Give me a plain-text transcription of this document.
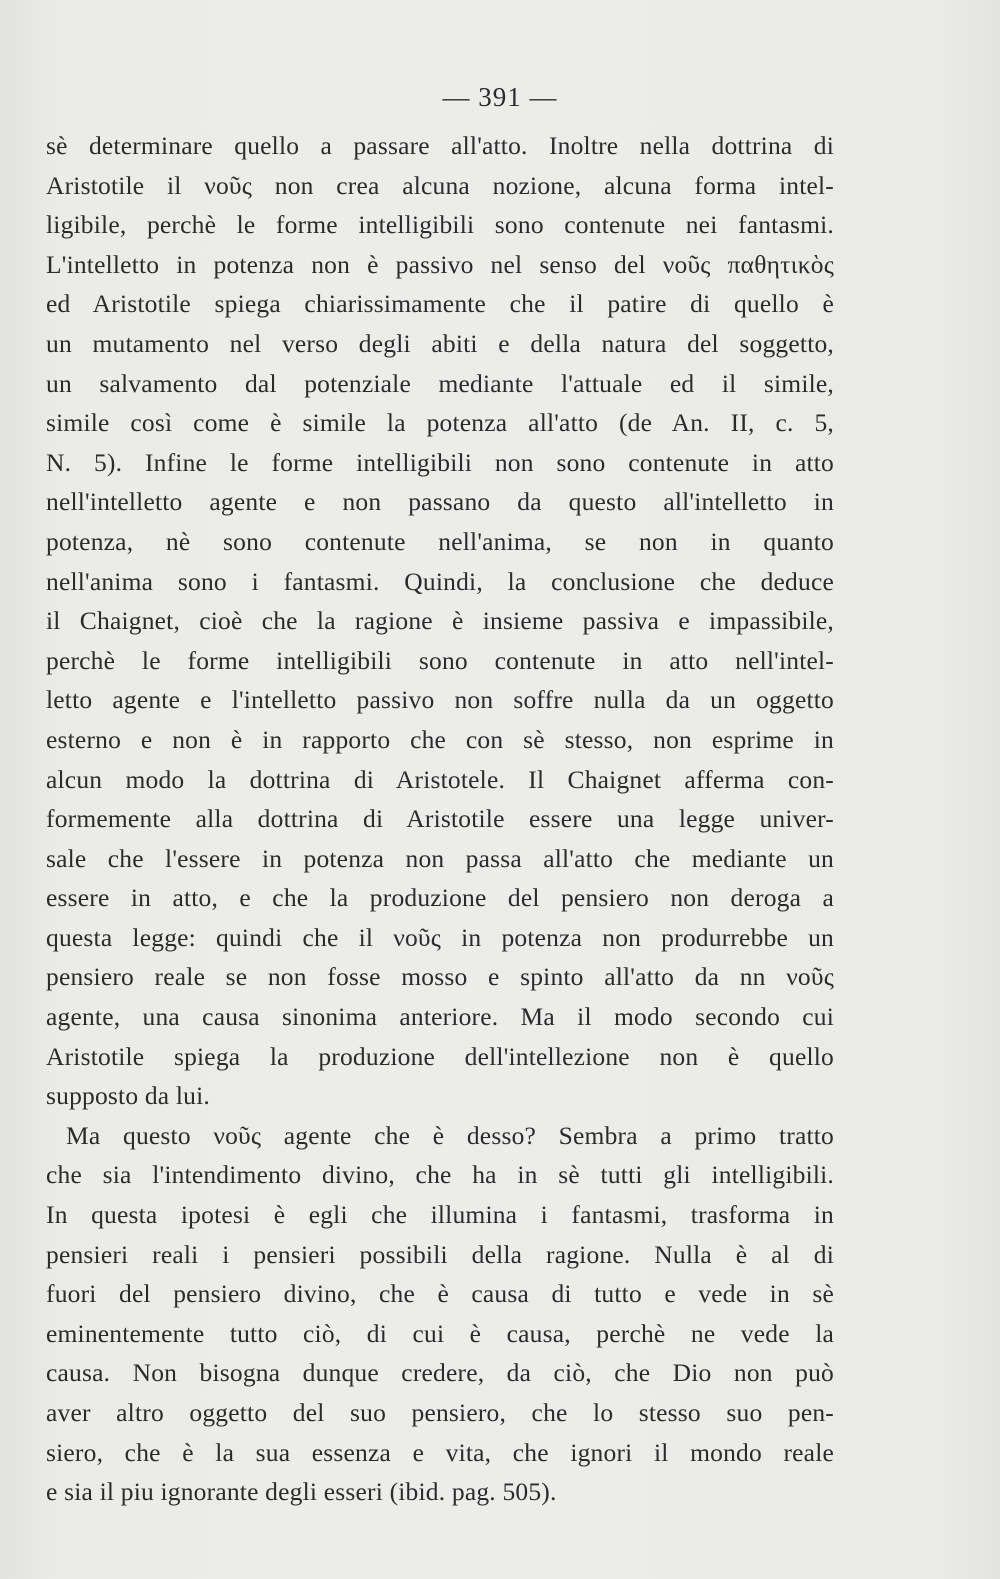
— 391 —
sè determinare quello a passare all'atto. Inoltre nella dottrina di
Aristotile il νοῦς non crea alcuna nozione, alcuna forma intel-
ligibile, perchè le forme intelligibili sono contenute nei fantasmi.
L'intelletto in potenza non è passivo nel senso del νοῦς παθητικὸς
ed Aristotile spiega chiarissimamente che il patire di quello è
un mutamento nel verso degli abiti e della natura del soggetto,
un salvamento dal potenziale mediante l'attuale ed il simile,
simile così come è simile la potenza all'atto (de An. II, c. 5,
N. 5). Infine le forme intelligibili non sono contenute in atto
nell'intelletto agente e non passano da questo all'intelletto in
potenza, nè sono contenute nell'anima, se non in quanto
nell'anima sono i fantasmi. Quindi, la conclusione che deduce
il Chaignet, cioè che la ragione è insieme passiva e impassibile,
perchè le forme intelligibili sono contenute in atto nell'intel-
letto agente e l'intelletto passivo non soffre nulla da un oggetto
esterno e non è in rapporto che con sè stesso, non esprime in
alcun modo la dottrina di Aristotele. Il Chaignet afferma con-
formemente alla dottrina di Aristotile essere una legge univer-
sale che l'essere in potenza non passa all'atto che mediante un
essere in atto, e che la produzione del pensiero non deroga a
questa legge: quindi che il νοῦς in potenza non produrrebbe un
pensiero reale se non fosse mosso e spinto all'atto da nn νοῦς
agente, una causa sinonima anteriore. Ma il modo secondo cui
Aristotile spiega la produzione dell'intellezione non è quello
supposto da lui.
Ma questo νοῦς agente che è desso? Sembra a primo tratto
che sia l'intendimento divino, che ha in sè tutti gli intelligibili.
In questa ipotesi è egli che illumina i fantasmi, trasforma in
pensieri reali i pensieri possibili della ragione. Nulla è al di
fuori del pensiero divino, che è causa di tutto e vede in sè
eminentemente tutto ciò, di cui è causa, perchè ne vede la
causa. Non bisogna dunque credere, da ciò, che Dio non può
aver altro oggetto del suo pensiero, che lo stesso suo pen-
siero, che è la sua essenza e vita, che ignori il mondo reale
e sia il piu ignorante degli esseri (ibid. pag. 505).
